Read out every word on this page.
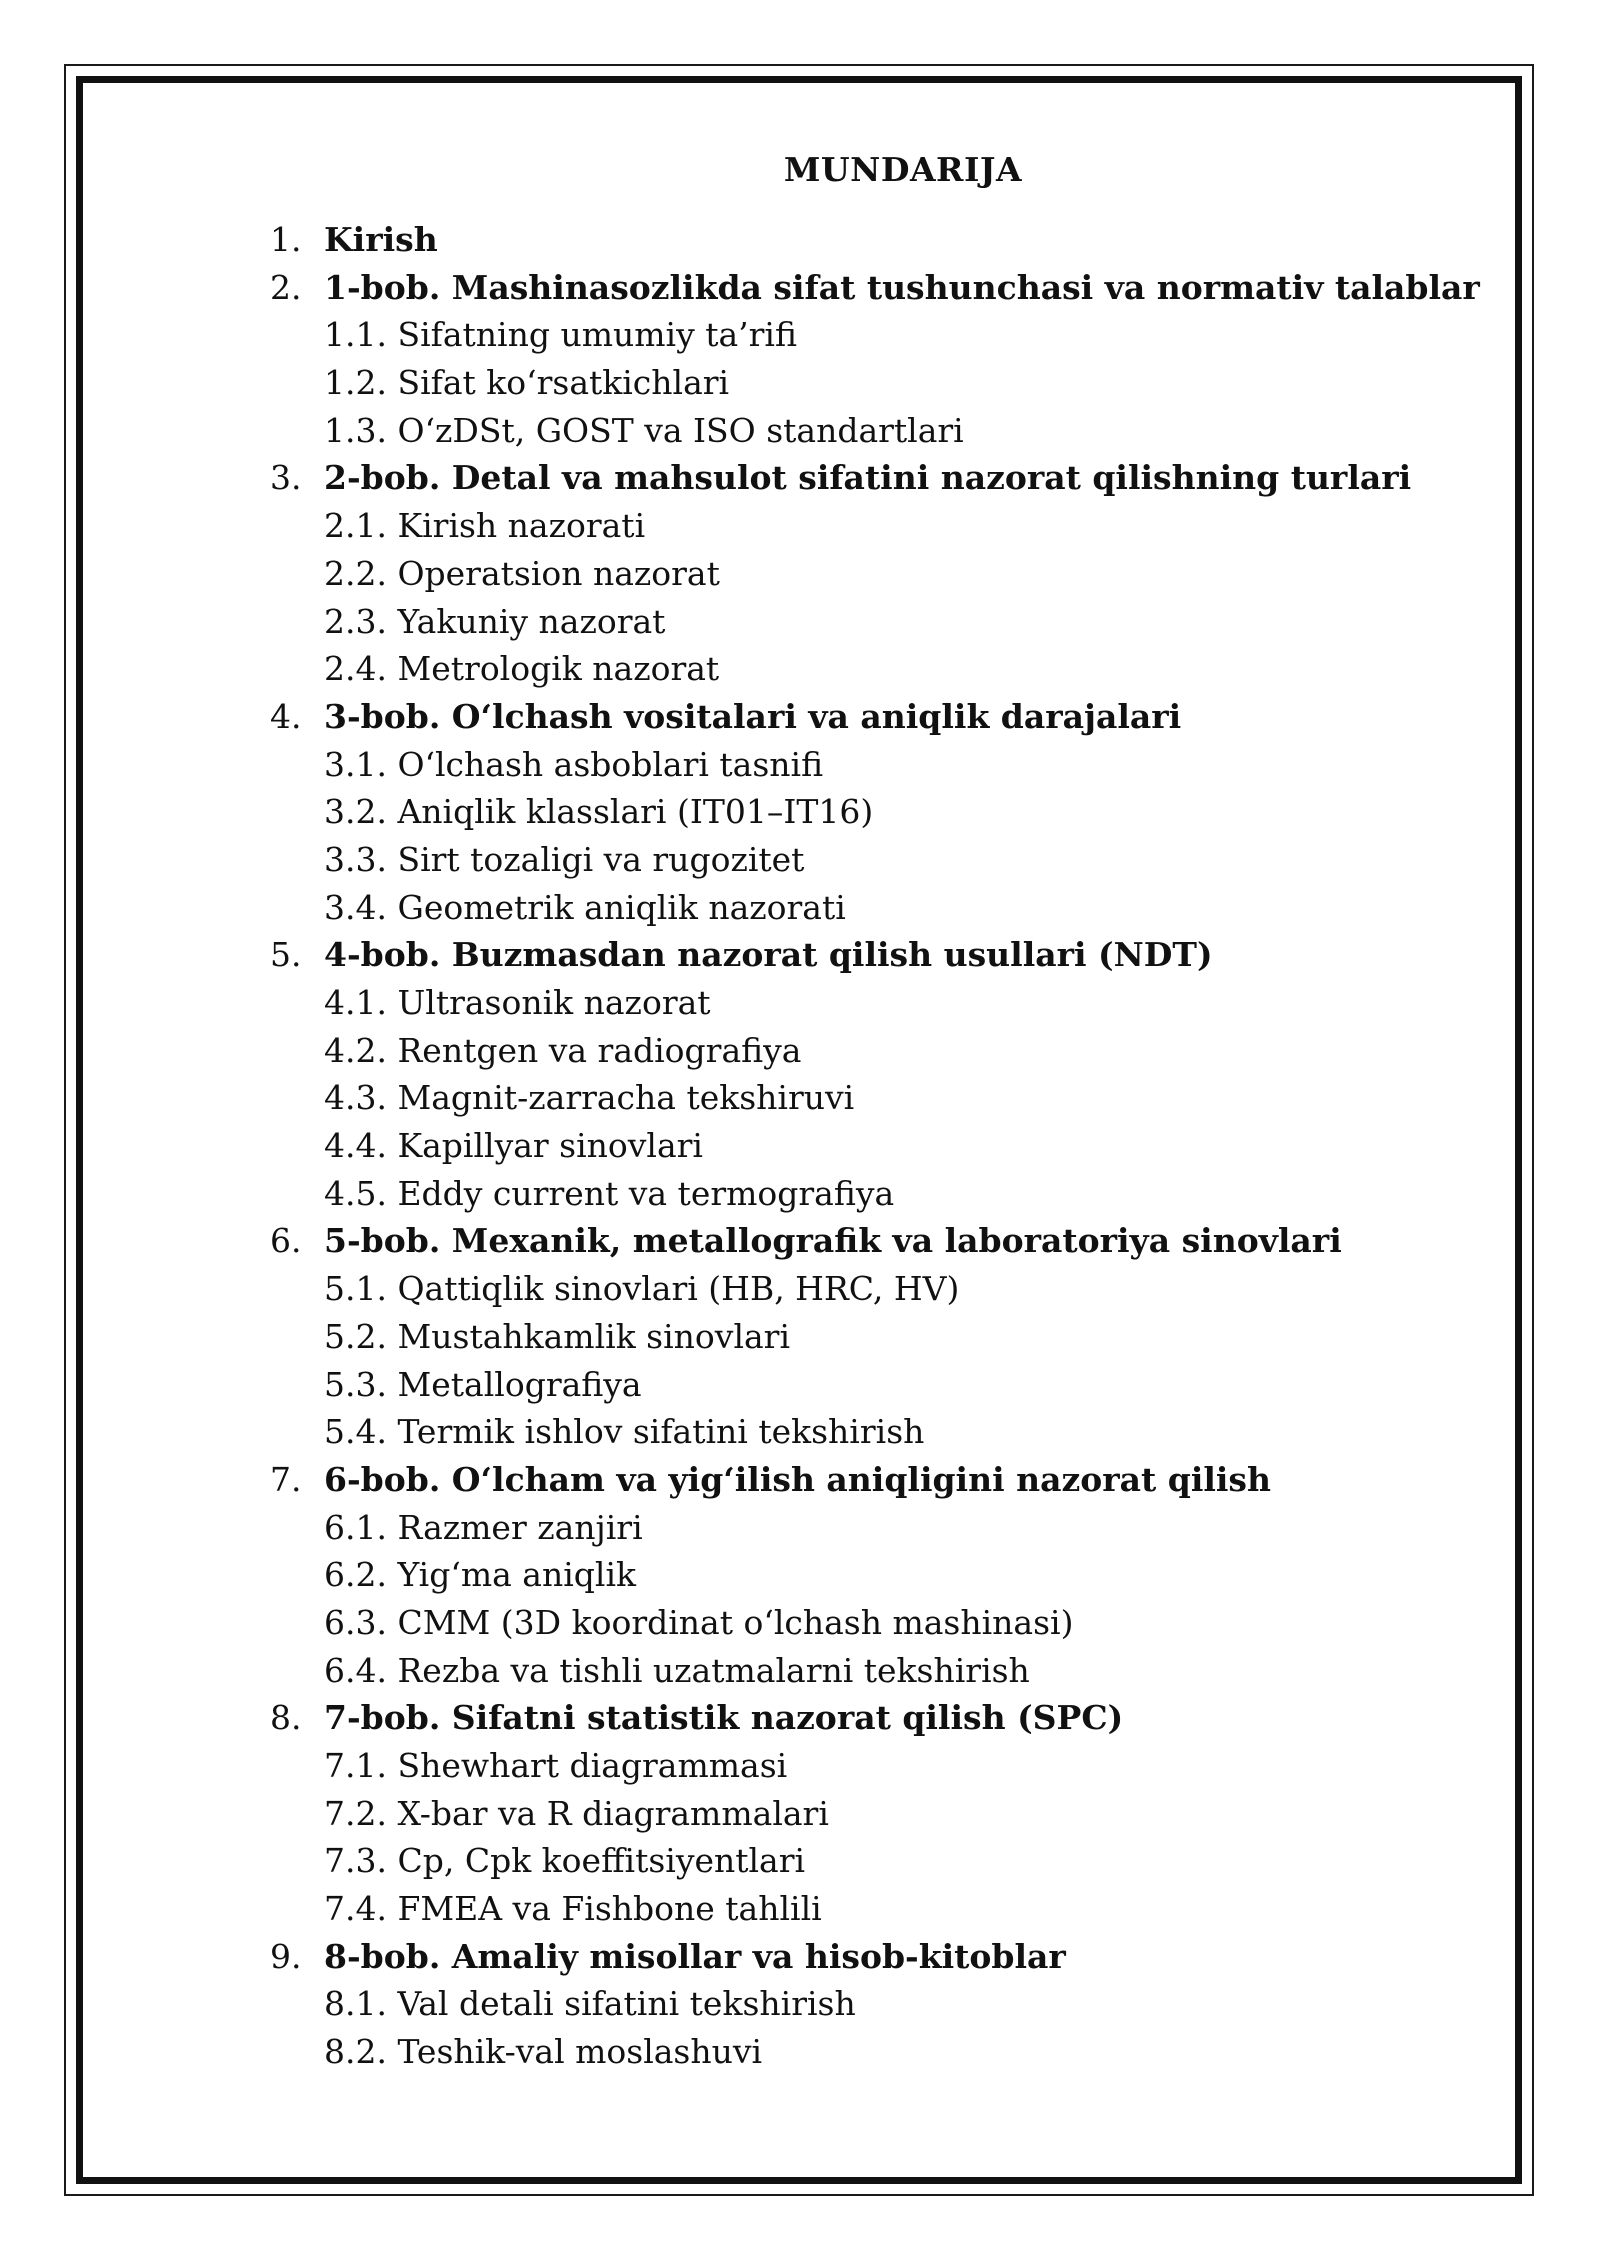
MUNDARIJA
1. Kirish
2. 1-bob. Mashinasozlikda sifat tushunchasi va normativ talablar
1.1. Sifatning umumiy ta’rifi
1.2. Sifat ko‘rsatkichlari
1.3. O‘zDSt, GOST va ISO standartlari
3. 2-bob. Detal va mahsulot sifatini nazorat qilishning turlari
2.1. Kirish nazorati
2.2. Operatsion nazorat
2.3. Yakuniy nazorat
2.4. Metrologik nazorat
4. 3-bob. O‘lchash vositalari va aniqlik darajalari
3.1. O‘lchash asboblari tasnifi
3.2. Aniqlik klasslari (IT01–IT16)
3.3. Sirt tozaligi va rugozitet
3.4. Geometrik aniqlik nazorati
5. 4-bob. Buzmasdan nazorat qilish usullari (NDT)
4.1. Ultrasonik nazorat
4.2. Rentgen va radiografiya
4.3. Magnit-zarracha tekshiruvi
4.4. Kapillyar sinovlari
4.5. Eddy current va termografiya
6. 5-bob. Mexanik, metallografik va laboratoriya sinovlari
5.1. Qattiqlik sinovlari (HB, HRC, HV)
5.2. Mustahkamlik sinovlari
5.3. Metallografiya
5.4. Termik ishlov sifatini tekshirish
7. 6-bob. O‘lcham va yig‘ilish aniqligini nazorat qilish
6.1. Razmer zanjiri
6.2. Yig‘ma aniqlik
6.3. CMM (3D koordinat o‘lchash mashinasi)
6.4. Rezba va tishli uzatmalarni tekshirish
8. 7-bob. Sifatni statistik nazorat qilish (SPC)
7.1. Shewhart diagrammasi
7.2. X-bar va R diagrammalari
7.3. Cp, Cpk koeffitsiyentlari
7.4. FMEA va Fishbone tahlili
9. 8-bob. Amaliy misollar va hisob-kitoblar
8.1. Val detali sifatini tekshirish
8.2. Teshik-val moslashuvi
